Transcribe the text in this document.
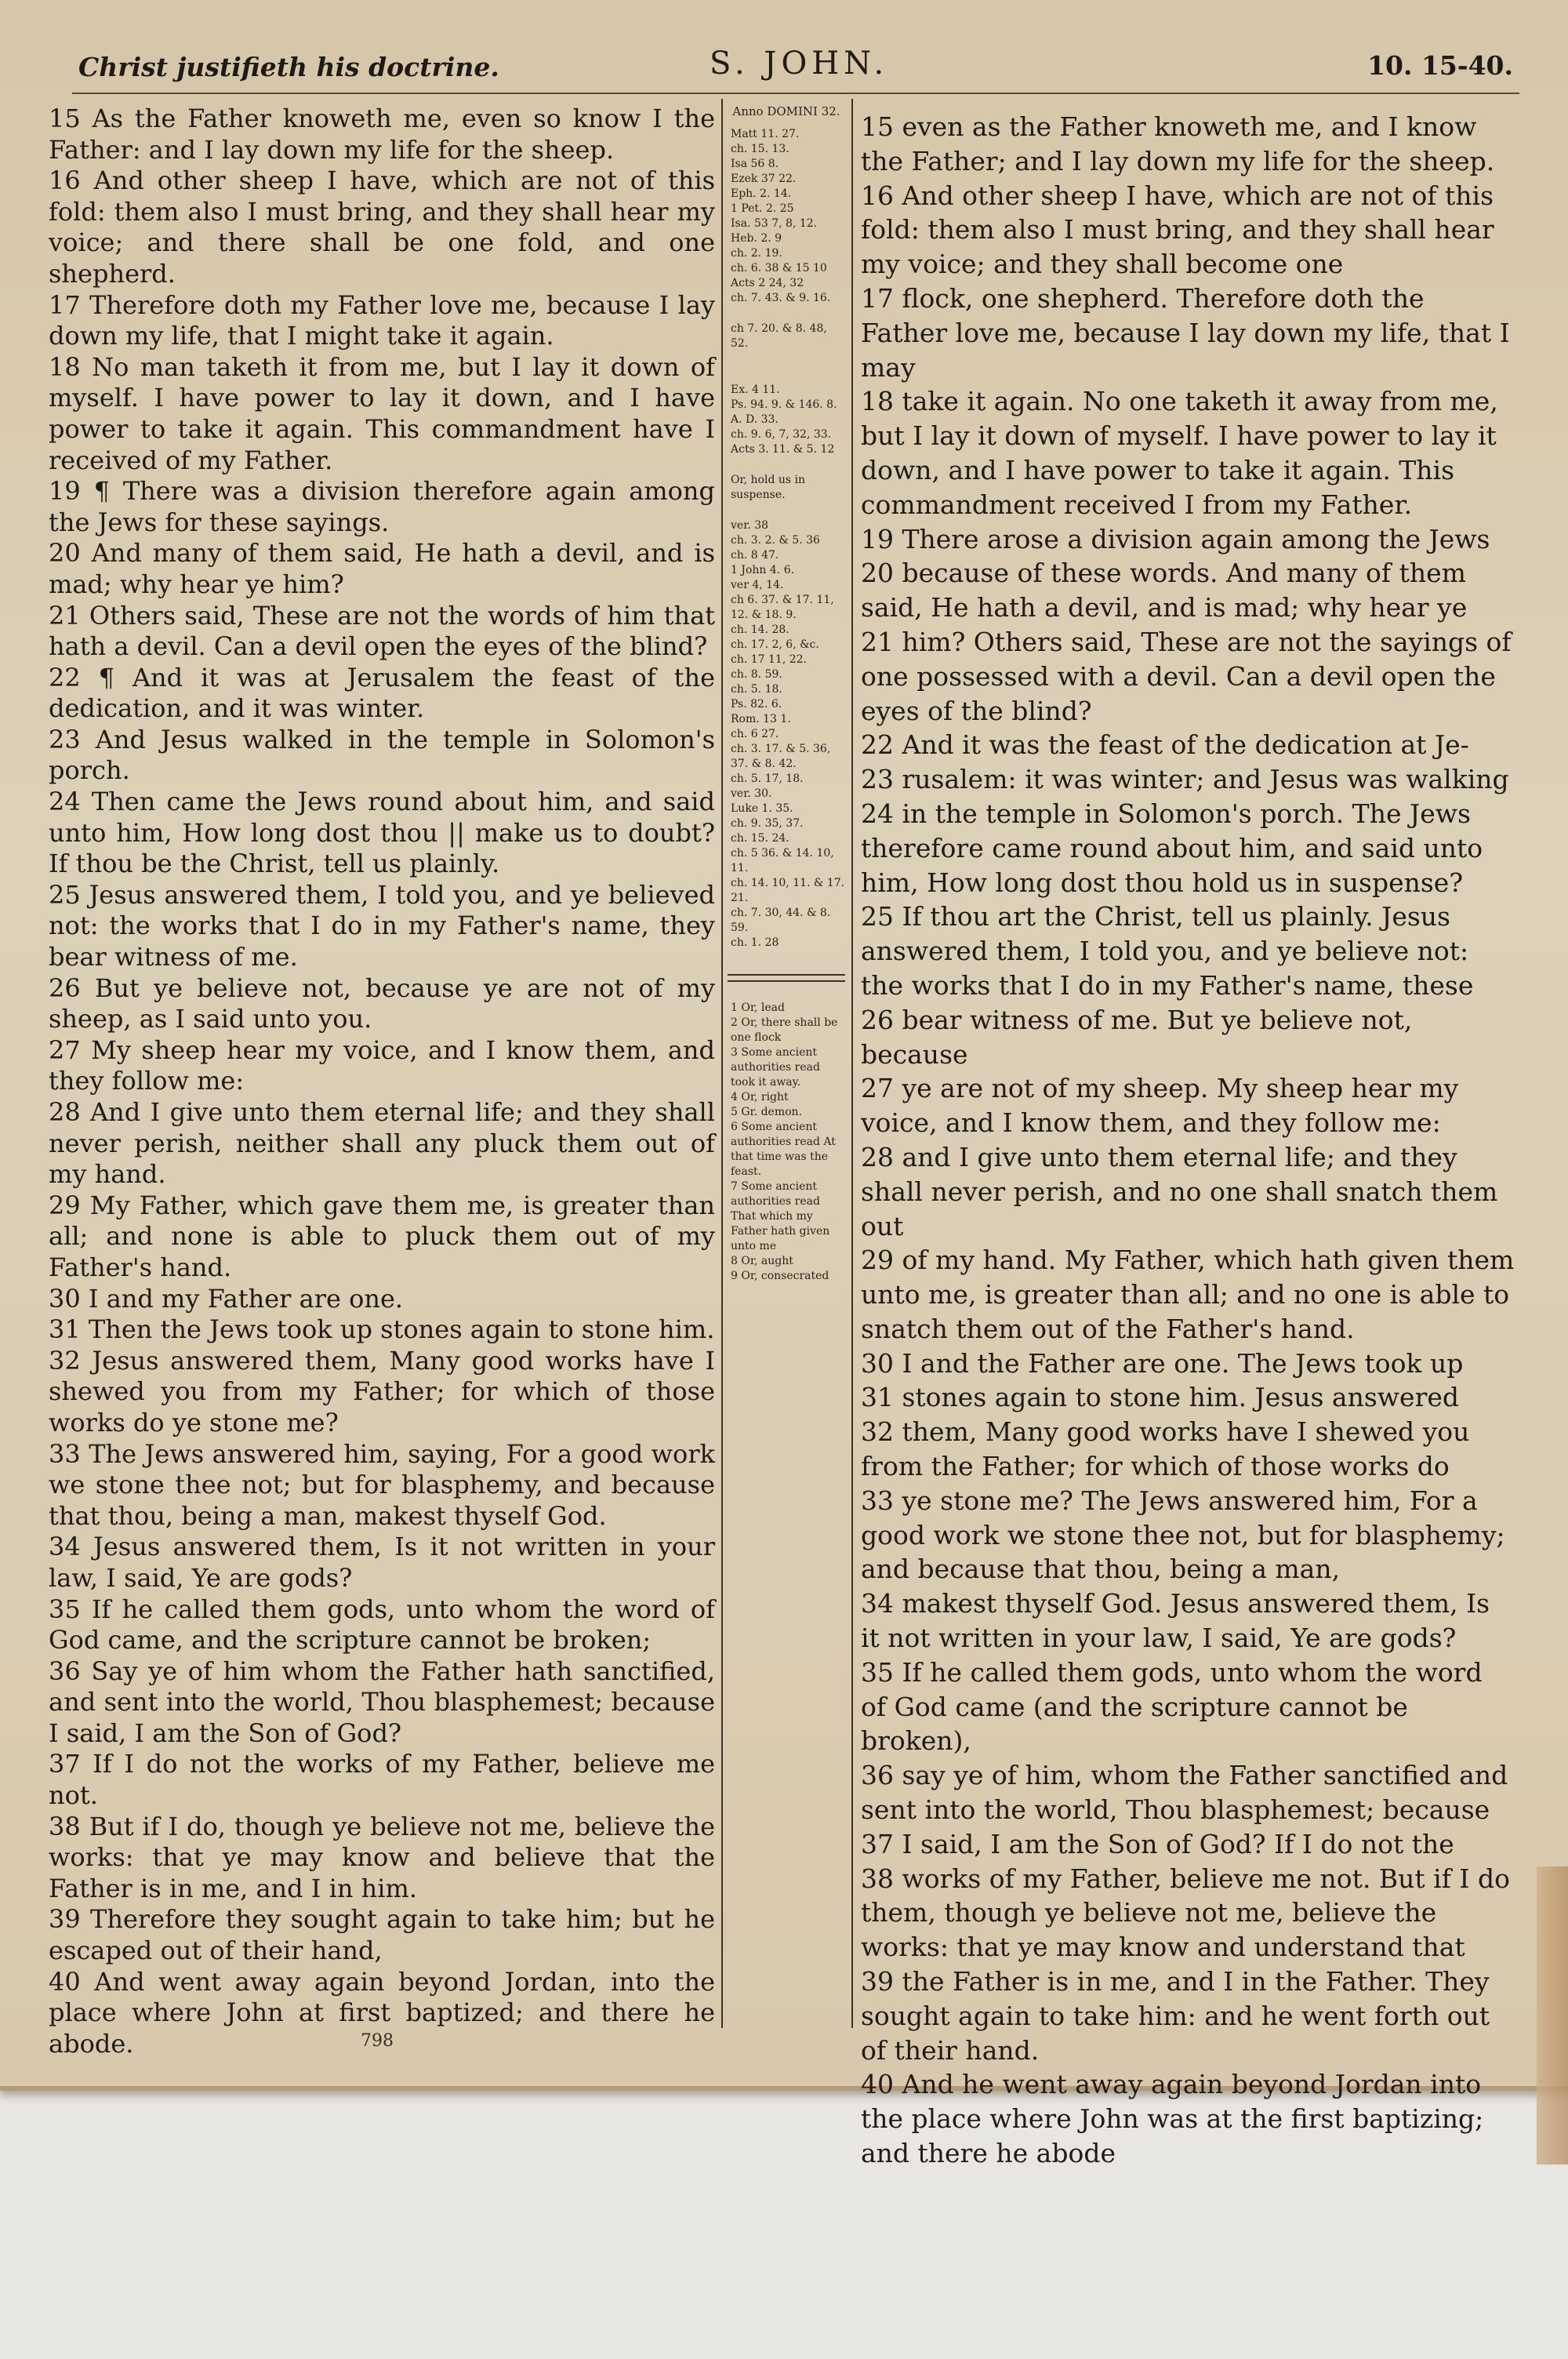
Christ justifieth his doctrine.	S. JOHN.	10. 15-40.

15 As the Father knoweth me, even so know I the Father: and I lay down my life for the sheep.

16 And other sheep I have, which are not of this fold: them also I must bring, and they shall hear my voice; and there shall be one fold, and one shepherd.

17 Therefore doth my Father love me, because I lay down my life, that I might take it again.

18 No man taketh it from me, but I lay it down of myself. I have power to lay it down, and I have power to take it again. This commandment have I received of my Father.

19 ¶ There was a division therefore again among the Jews for these sayings.

20 And many of them said, He hath a devil, and is mad; why hear ye him?

21 Others said, These are not the words of him that hath a devil. Can a devil open the eyes of the blind?

22 ¶ And it was at Jerusalem the feast of the dedication, and it was winter.

23 And Jesus walked in the temple in Solomon's porch.

24 Then came the Jews round about him, and said unto him, How long dost thou || make us to doubt? If thou be the Christ, tell us plainly.

25 Jesus answered them, I told you, and ye believed not: the works that I do in my Father's name, they bear witness of me.

26 But ye believe not, because ye are not of my sheep, as I said unto you.

27 My sheep hear my voice, and I know them, and they follow me:

28 And I give unto them eternal life; and they shall never perish, neither shall any pluck them out of my hand.

29 My Father, which gave them me, is greater than all; and none is able to pluck them out of my Father's hand.

30 I and my Father are one.

31 Then the Jews took up stones again to stone him.

32 Jesus answered them, Many good works have I shewed you from my Father; for which of those works do ye stone me?

33 The Jews answered him, saying, For a good work we stone thee not; but for blasphemy, and because that thou, being a man, makest thyself God.

34 Jesus answered them, Is it not written in your law, I said, Ye are gods?

35 If he called them gods, unto whom the word of God came, and the scripture cannot be broken;

36 Say ye of him whom the Father hath sanctified, and sent into the world, Thou blasphemest; because I said, I am the Son of God?

37 If I do not the works of my Father, believe me not.

38 But if I do, though ye believe not me, believe the works: that ye may know and believe that the Father is in me, and I in him.

39 Therefore they sought again to take him; but he escaped out of their hand,

40 And went away again beyond Jordan, into the place where John at first baptized; and there he abode.

Anno DOMINI 32.

Matt 11. 27.

ch. 15. 13.

Isa 56 8.

Ezek 37 22.

Eph. 2. 14.

1 Pet. 2. 25

Isa. 53 7, 8, 12.

Heb. 2. 9

ch. 2. 19.

ch. 6. 38 & 15 10

Acts 2 24, 32

ch. 7. 43. & 9. 16.

ch 7. 20. & 8. 48, 52.

Ex. 4 11.

Ps. 94. 9. & 146. 8.

A. D. 33.

ch. 9. 6, 7, 32, 33.

Acts 3. 11. & 5. 12

Or, hold us in suspense.

ver. 38

ch. 3. 2. & 5. 36

ch. 8 47.

1 John 4. 6.

ver 4, 14.

ch 6. 37. & 17. 11, 12. & 18. 9.

ch. 14. 28.

ch. 17. 2, 6, &c.

ch. 17 11, 22.

ch. 8. 59.

ch. 5. 18.

Ps. 82. 6.

Rom. 13 1.

ch. 6 27.

ch. 3. 17. & 5. 36, 37. & 8. 42.

ch. 5. 17, 18.

ver. 30.

Luke 1. 35.

ch. 9. 35, 37.

ch. 15. 24.

ch. 5 36. & 14. 10, 11.

ch. 14. 10, 11. & 17. 21.

ch. 7. 30, 44. & 8. 59.

ch. 1. 28

1 Or, lead

2 Or, there shall be one flock

3 Some ancient authorities read took it away.

4 Or, right

5 Gr. demon.

6 Some ancient authorities read At that time was the feast.

7 Some ancient authorities read That which my Father hath given unto me

8 Or, aught

9 Or, consecrated

15 even as the Father knoweth me, and I know the Father; and I lay down my life for the sheep.

16 And other sheep I have, which are not of this fold: them also I must bring, and they shall hear my voice; and they shall become one

17 flock, one shepherd. Therefore doth the Father love me, because I lay down my life, that I may

18 take it again. No one taketh it away from me, but I lay it down of myself. I have power to lay it down, and I have power to take it again. This commandment received I from my Father.

19 There arose a division again among the Jews

20 because of these words. And many of them said, He hath a devil, and is mad; why hear ye

21 him? Others said, These are not the sayings of one possessed with a devil. Can a devil open the eyes of the blind?

22 And it was the feast of the dedication at Je-

23 rusalem: it was winter; and Jesus was walking

24 in the temple in Solomon's porch. The Jews therefore came round about him, and said unto him, How long dost thou hold us in suspense?

25 If thou art the Christ, tell us plainly. Jesus answered them, I told you, and ye believe not: the works that I do in my Father's name, these

26 bear witness of me. But ye believe not, because

27 ye are not of my sheep. My sheep hear my voice, and I know them, and they follow me:

28 and I give unto them eternal life; and they shall never perish, and no one shall snatch them out

29 of my hand. My Father, which hath given them unto me, is greater than all; and no one is able to snatch them out of the Father's hand.

30 I and the Father are one. The Jews took up

31 stones again to stone him. Jesus answered

32 them, Many good works have I shewed you from the Father; for which of those works do

33 ye stone me? The Jews answered him, For a good work we stone thee not, but for blasphemy; and because that thou, being a man,

34 makest thyself God. Jesus answered them, Is it not written in your law, I said, Ye are gods?

35 If he called them gods, unto whom the word of God came (and the scripture cannot be broken),

36 say ye of him, whom the Father sanctified and sent into the world, Thou blasphemest; because

37 I said, I am the Son of God? If I do not the

38 works of my Father, believe me not. But if I do them, though ye believe not me, believe the works: that ye may know and understand that

39 the Father is in me, and I in the Father. They sought again to take him: and he went forth out of their hand.

40 And he went away again beyond Jordan into the place where John was at the first baptizing; and there he abode

798
